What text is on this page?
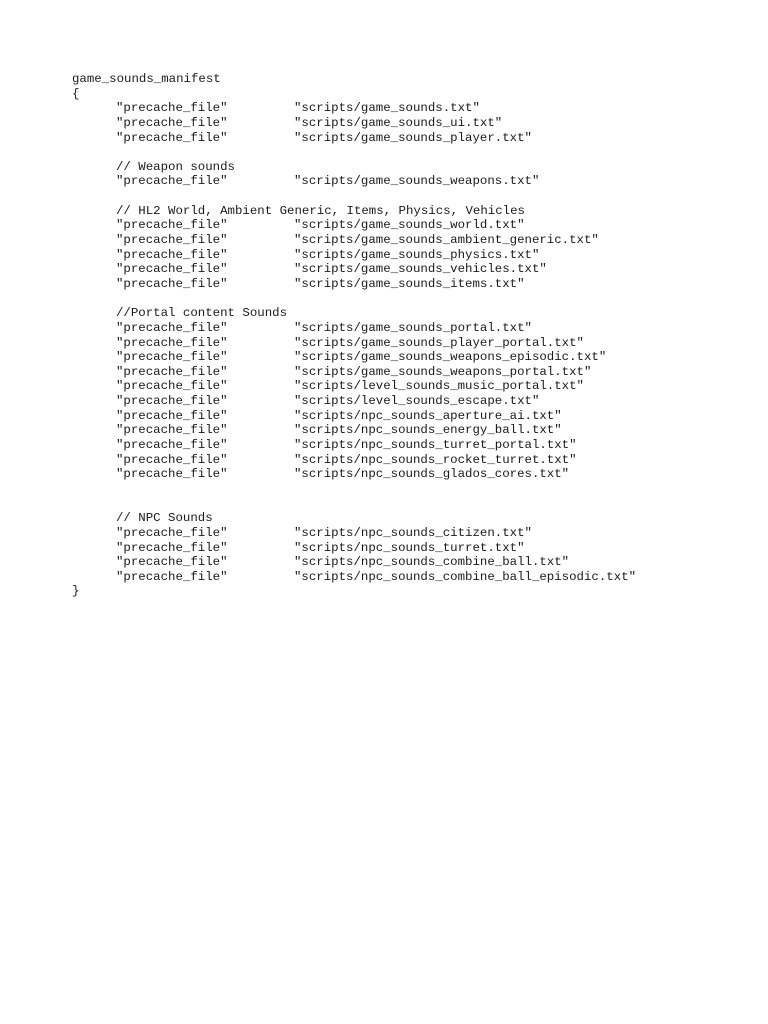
game_sounds_manifest
{
"precache_file"	"scripts/game_sounds.txt"
"precache_file"	"scripts/game_sounds_ui.txt"
"precache_file"	"scripts/game_sounds_player.txt"
// Weapon sounds
"precache_file"	"scripts/game_sounds_weapons.txt"
// HL2 World, Ambient Generic, Items, Physics, Vehicles
"precache_file"	"scripts/game_sounds_world.txt"
"precache_file"	"scripts/game_sounds_ambient_generic.txt"
"precache_file"	"scripts/game_sounds_physics.txt"
"precache_file"	"scripts/game_sounds_vehicles.txt"
"precache_file"	"scripts/game_sounds_items.txt"
//Portal content Sounds
"precache_file"	"scripts/game_sounds_portal.txt"
"precache_file"	"scripts/game_sounds_player_portal.txt"
"precache_file"	"scripts/game_sounds_weapons_episodic.txt"
"precache_file"	"scripts/game_sounds_weapons_portal.txt"
"precache_file"	"scripts/level_sounds_music_portal.txt"
"precache_file"	"scripts/level_sounds_escape.txt"
"precache_file"	"scripts/npc_sounds_aperture_ai.txt"
"precache_file"	"scripts/npc_sounds_energy_ball.txt"
"precache_file"	"scripts/npc_sounds_turret_portal.txt"
"precache_file"	"scripts/npc_sounds_rocket_turret.txt"
"precache_file"	"scripts/npc_sounds_glados_cores.txt"
// NPC Sounds
"precache_file"	"scripts/npc_sounds_citizen.txt"
"precache_file"	"scripts/npc_sounds_turret.txt"
"precache_file"	"scripts/npc_sounds_combine_ball.txt"
"precache_file"	"scripts/npc_sounds_combine_ball_episodic.txt"
}
